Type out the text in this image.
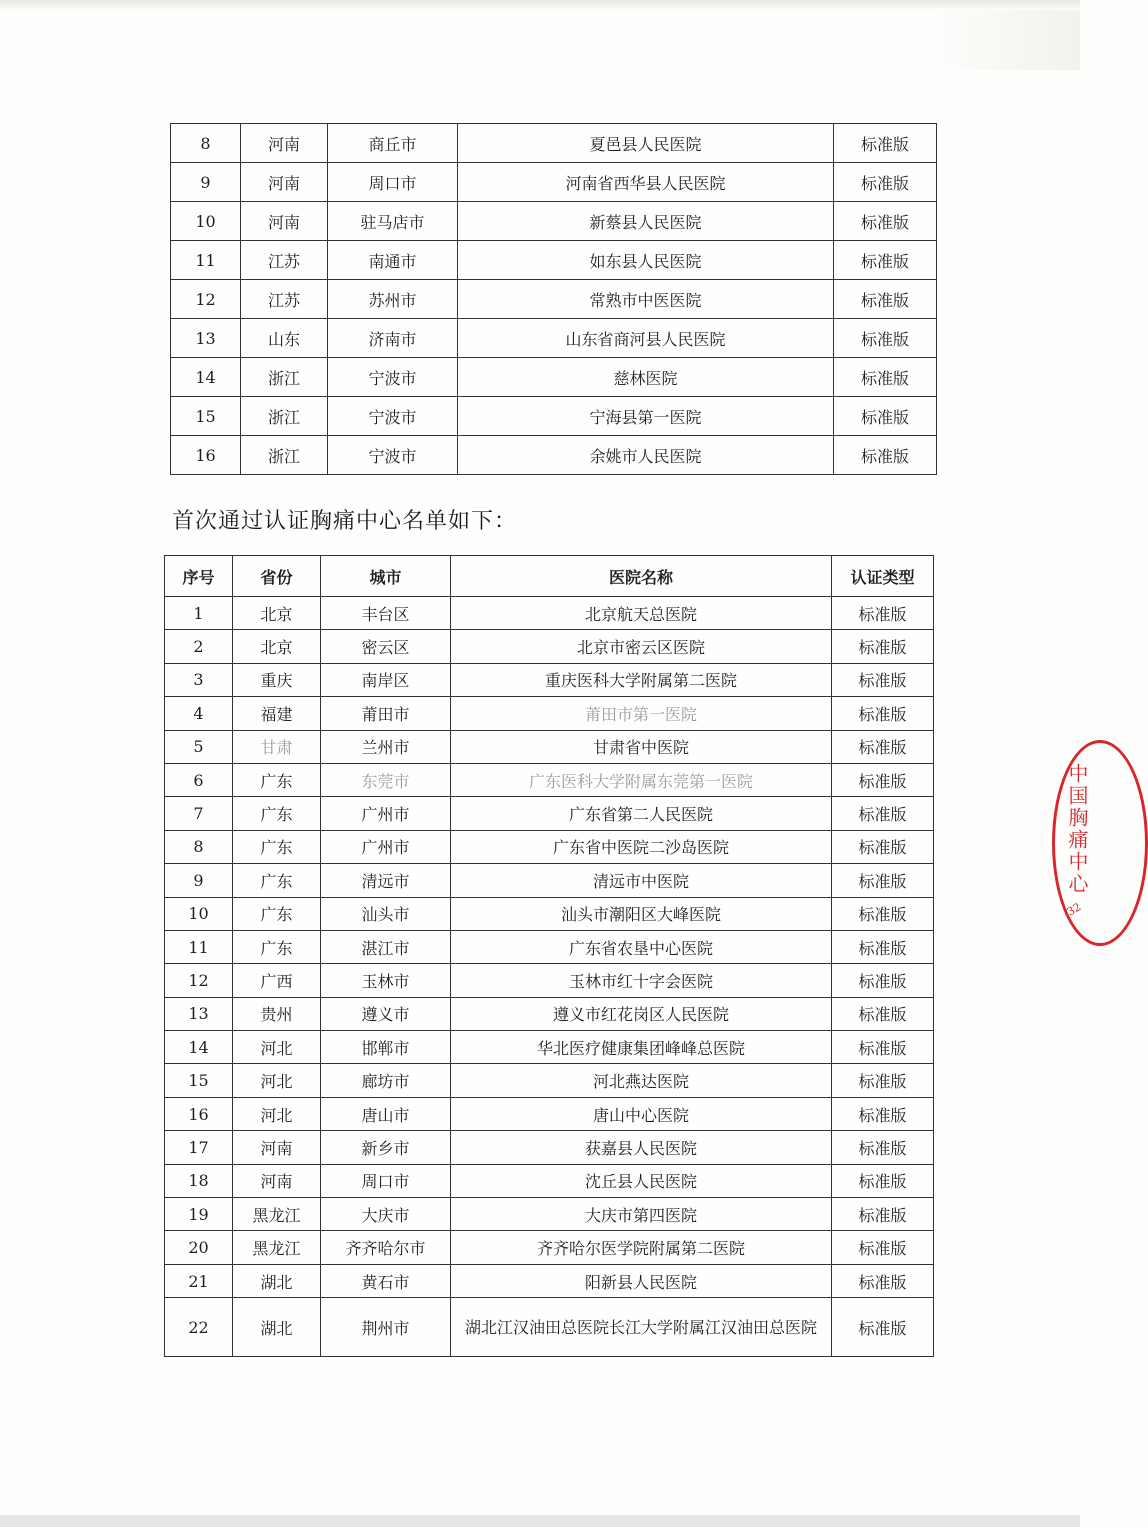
8	河南	商丘市	夏邑县人民医院	标准版
9	河南	周口市	河南省西华县人民医院	标准版
10	河南	驻马店市	新蔡县人民医院	标准版
11	江苏	南通市	如东县人民医院	标准版
12	江苏	苏州市	常熟市中医医院	标准版
13	山东	济南市	山东省商河县人民医院	标准版
14	浙江	宁波市	慈林医院	标准版
15	浙江	宁波市	宁海县第一医院	标准版
16	浙江	宁波市	余姚市人民医院	标准版
首次通过认证胸痛中心名单如下：
序号	省份	城市	医院名称	认证类型
1	北京	丰台区	北京航天总医院	标准版
2	北京	密云区	北京市密云区医院	标准版
3	重庆	南岸区	重庆医科大学附属第二医院	标准版
4	福建	莆田市	莆田市第一医院	标准版
5	甘肃	兰州市	甘肃省中医院	标准版
6	广东	东莞市	广东医科大学附属东莞第一医院	标准版
7	广东	广州市	广东省第二人民医院	标准版
8	广东	广州市	广东省中医院二沙岛医院	标准版
9	广东	清远市	清远市中医院	标准版
10	广东	汕头市	汕头市潮阳区大峰医院	标准版
11	广东	湛江市	广东省农垦中心医院	标准版
12	广西	玉林市	玉林市红十字会医院	标准版
13	贵州	遵义市	遵义市红花岗区人民医院	标准版
14	河北	邯郸市	华北医疗健康集团峰峰总医院	标准版
15	河北	廊坊市	河北燕达医院	标准版
16	河北	唐山市	唐山中心医院	标准版
17	河南	新乡市	获嘉县人民医院	标准版
18	河南	周口市	沈丘县人民医院	标准版
19	黑龙江	大庆市	大庆市第四医院	标准版
20	黑龙江	齐齐哈尔市	齐齐哈尔医学院附属第二医院	标准版
21	湖北	黄石市	阳新县人民医院	标准版
22	湖北	荆州市	湖北江汉油田总医院长江大学附属江汉油田总医院	标准版
中国胸痛中心
32
